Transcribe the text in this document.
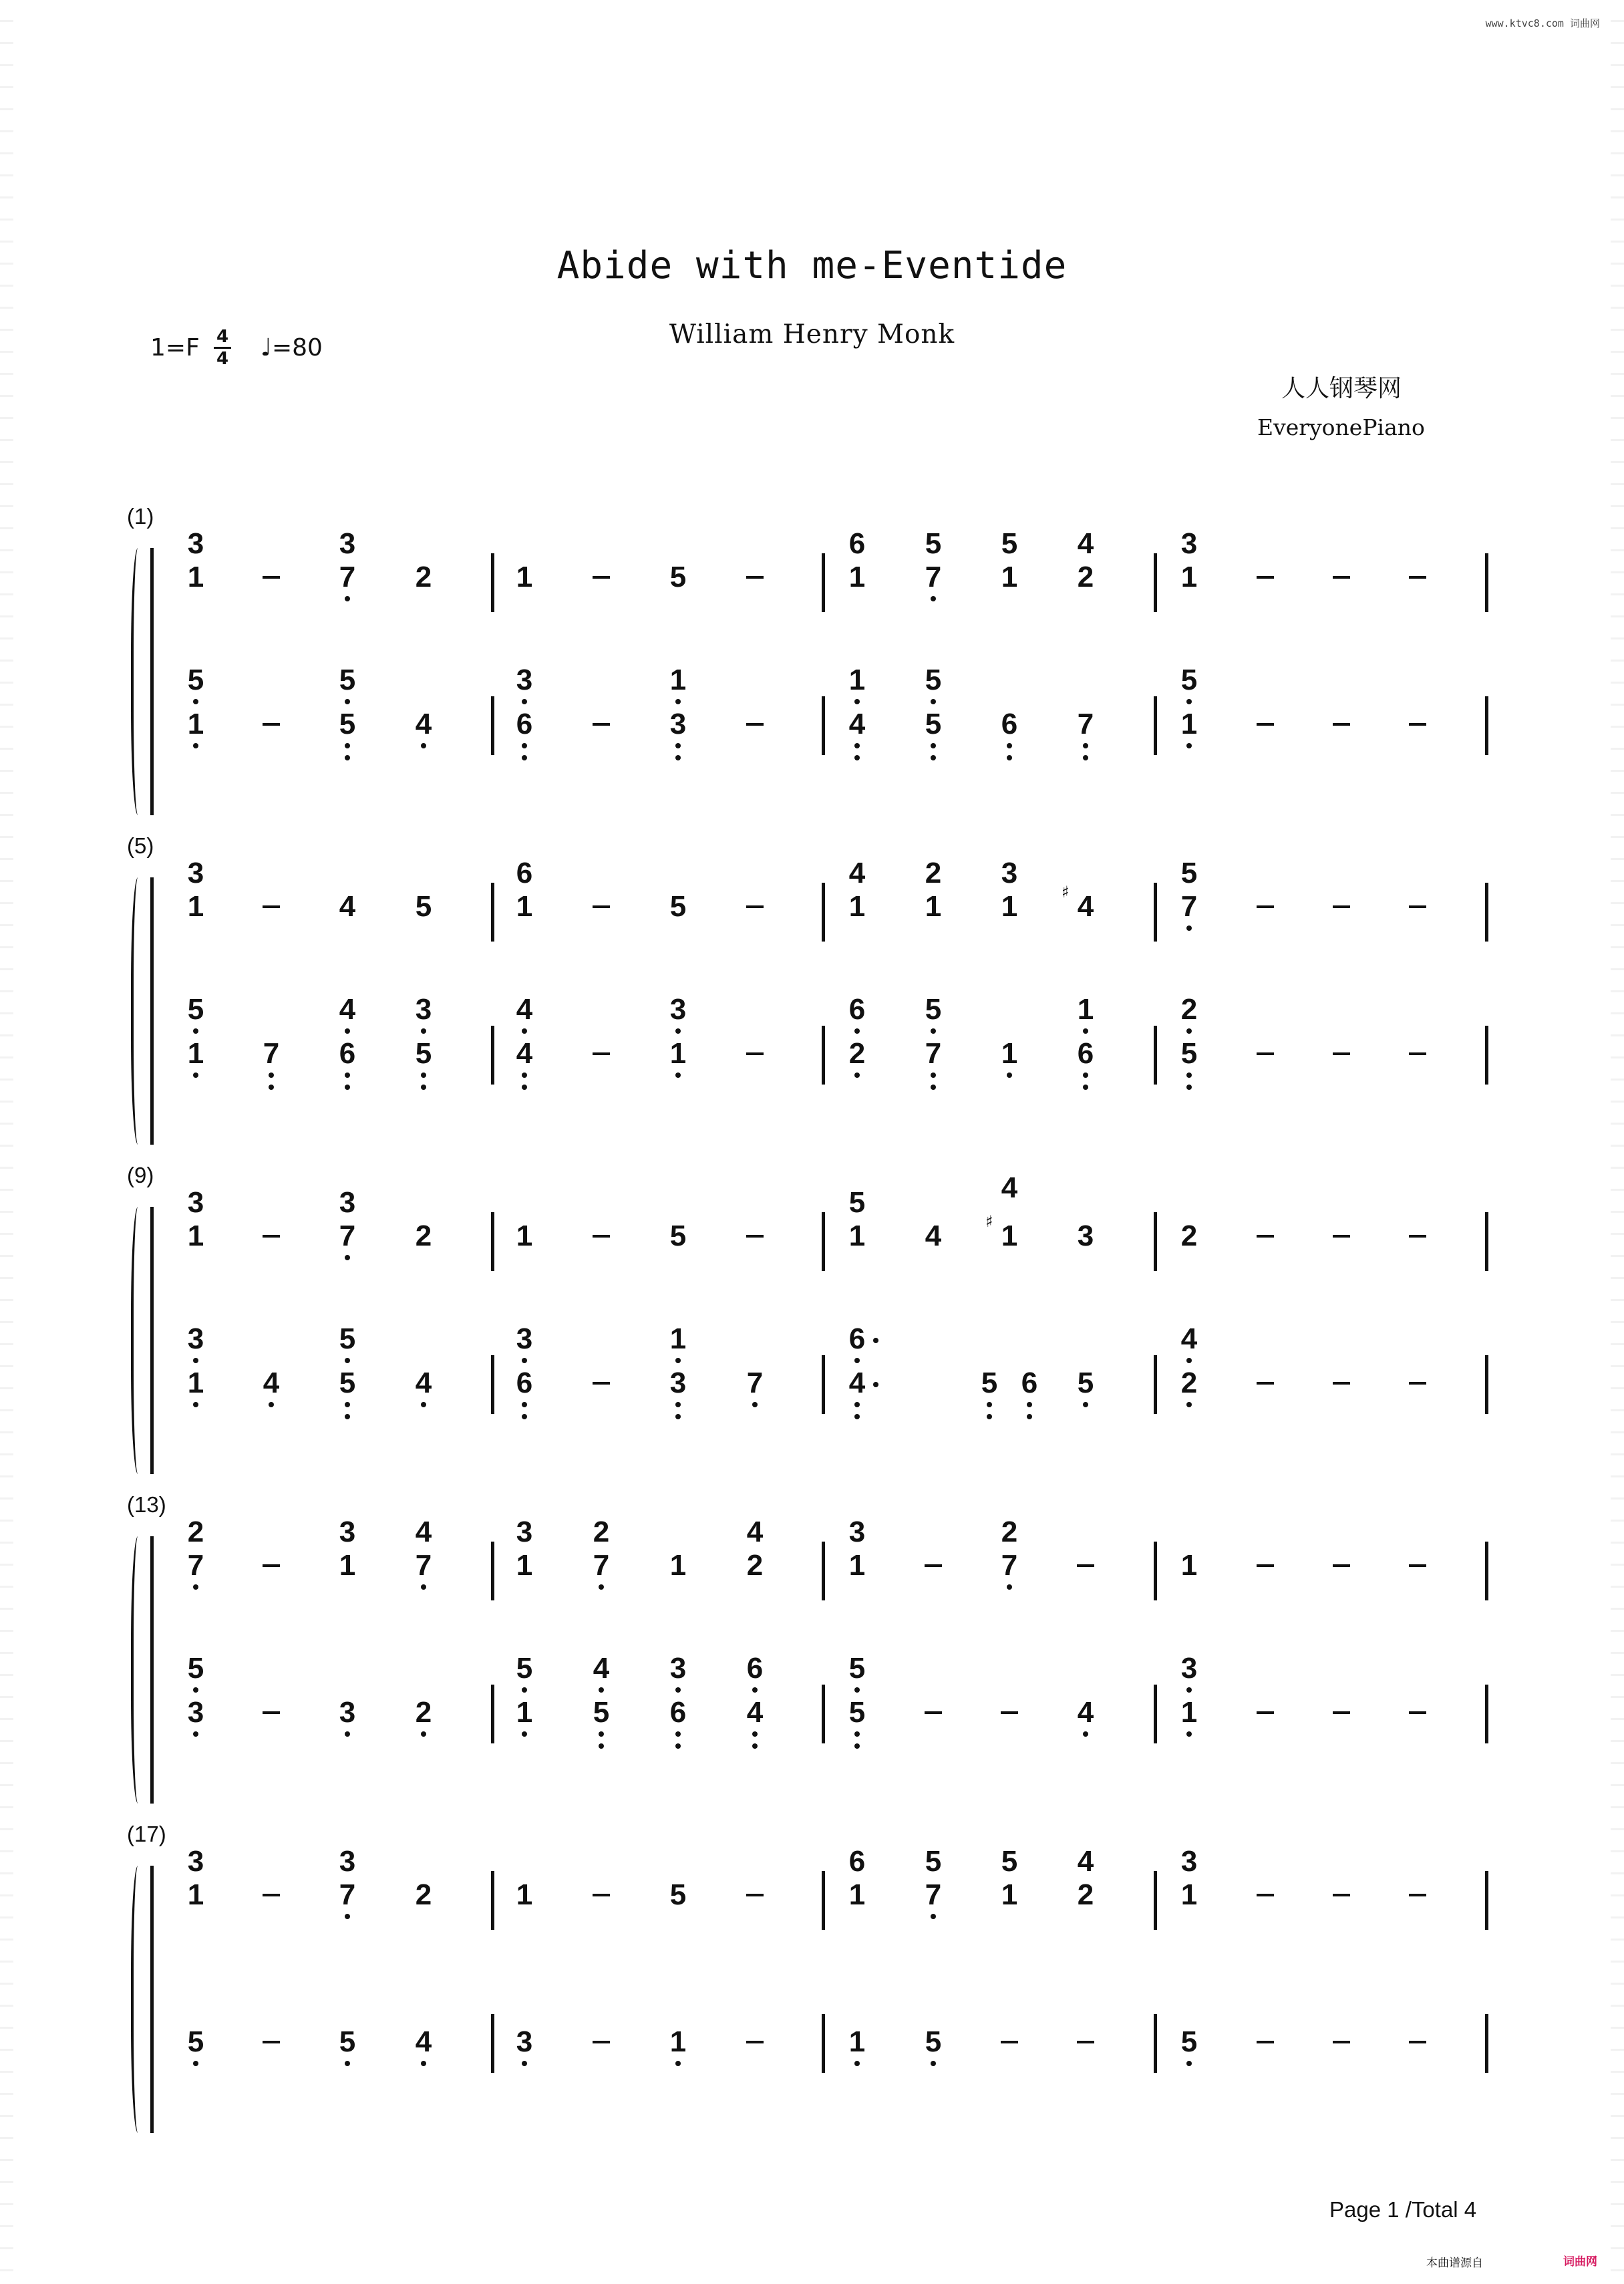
www.ktvc8.com 词曲网
Abide with me-Eventide
William Henry Monk
1=F 4
4 ♩=80
人人钢琴网
EveryonePiano
(1)
3
1
5
1
3
7
5
5
2
4
1
3
6
5
1
3
6
1
1
4
5
7
5
5
5
1
6
4
2
7
3
1
5
1
(5)
3
1
5
1 7
4
4
6
5
3
5
6
1
4
4
5
3
1
4
1
6
2
2
1
5
7
3
1
1
4
♯
1
6
5
7
2
5
(9)
3
1
3
1 4
3
7
5
5
2
4
1
3
6
5
1
3 7
5
1
6
4
4
4
1
♯
5 6
3
5
2
4
2
(13)
2
7
5
3
3
1
3
4
7
2
3
1
5
1
2
7
4
5
1
3
6
4
2
6
4
3
1
5
5
2
7
4
1
3
1
(17)
3
1
5
3
7
5
2
4
1
3
5
1
6
1
1
5
7
5
5
1
4
2
3
1
5
Page 1 /Total 4
本曲谱源自	词曲网
